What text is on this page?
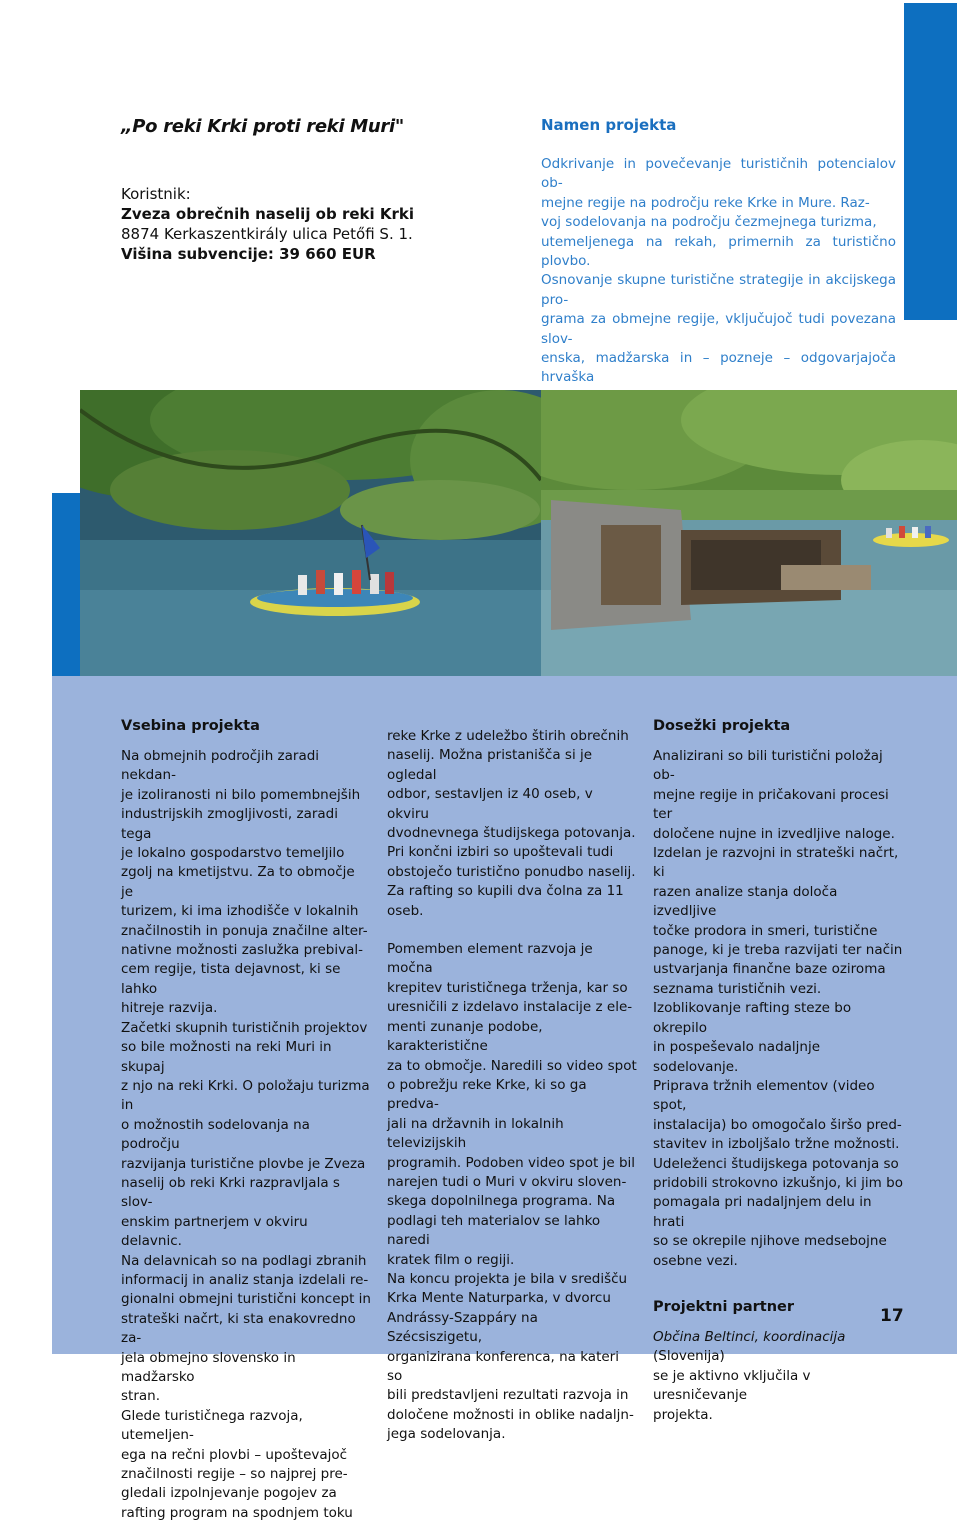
„Po reki Krki proti reki Muri"
Koristnik:
Zveza obrečnih naselij ob reki Krki
8874 Kerkaszentkirály ulica Petőfi S. 1.
Višina subvencije: 39 660 EUR
Namen projekta
Odkrivanje in povečevanje turističnih potencialov ob-
mejne regije na področju reke Krke in Mure. Raz-
voj sodelovanja na področju čezmejnega turizma,
utemeljenega na rekah, primernih za turistično plovbo.
Osnovanje skupne turistične strategije in akcijskega pro-
grama za obmejne regije, vključujoč tudi povezana slov-
enska, madžarska in – pozneje – odgovarjajoča hrvaška
Vsebina projekta
Na obmejnih področjih zaradi nekdan-
je izoliranosti ni bilo pomembnejših
industrijskih zmogljivosti, zaradi tega
je lokalno gospodarstvo temeljilo
zgolj na kmetijstvu. Za to območje je
turizem, ki ima izhodišče v lokalnih
značilnostih in ponuja značilne alter-
nativne možnosti zaslužka prebival-
cem regije, tista dejavnost, ki se lahko
hitreje razvija.
Začetki skupnih turističnih projektov
so bile možnosti na reki Muri in skupaj
z njo na reki Krki. O položaju turizma in
o možnostih sodelovanja na področju
razvijanja turistične plovbe je Zveza
naselij ob reki Krki razpravljala s slov-
enskim partnerjem v okviru delavnic.
Na delavnicah so na podlagi zbranih
informacij in analiz stanja izdelali re-
gionalni obmejni turistični koncept in
strateški načrt, ki sta enakovredno za-
jela obmejno slovensko in madžarsko
stran.
Glede turističnega razvoja, utemeljen-
ega na rečni plovbi – upoštevajoč
značilnosti regije – so najprej pre-
gledali izpolnjevanje pogojev za
rafting program na spodnjem toku
reke Krke z udeležbo štirih obrečnih
naselij. Možna pristanišča si je ogledal
odbor, sestavljen iz 40 oseb, v okviru
dvodnevnega študijskega potovanja.
Pri končni izbiri so upoštevali tudi
obstoječo turistično ponudbo naselij.
Za rafting so kupili dva čolna za 11
oseb.
Pomemben element razvoja je močna
krepitev turističnega trženja, kar so
uresničili z izdelavo instalacije z ele-
menti zunanje podobe, karakteristične
za to območje. Naredili so video spot
o pobrežju reke Krke, ki so ga predva-
jali na državnih in lokalnih televizijskih
programih. Podoben video spot je bil
narejen tudi o Muri v okviru sloven-
skega dopolnilnega programa. Na
podlagi teh materialov se lahko naredi
kratek film o regiji.
Na koncu projekta je bila v središču
Krka Mente Naturparka, v dvorcu
Andrássy-Szappáry na Szécsiszigetu,
organizirana konferenca, na kateri so
bili predstavljeni rezultati razvoja in
določene možnosti in oblike nadaljn-
jega sodelovanja.
Dosežki projekta
Analizirani so bili turistični položaj ob-
mejne regije in pričakovani procesi ter
določene nujne in izvedljive naloge.
Izdelan je razvojni in strateški načrt, ki
razen analize stanja določa izvedljive
točke prodora in smeri, turistične
panoge, ki je treba razvijati ter način
ustvarjanja finančne baze oziroma
seznama turističnih vezi.
Izoblikovanje rafting steze bo okrepilo
in pospeševalo nadaljnje sodelovanje.
Priprava tržnih elementov (video spot,
instalacija) bo omogočalo širšo pred-
stavitev in izboljšalo tržne možnosti.
Udeleženci študijskega potovanja so
pridobili strokovno izkušnjo, ki jim bo
pomagala pri nadaljnjem delu in hrati
so se okrepile njihove medsebojne
osebne vezi.
Projektni partner
Občina Beltinci, koordinacija (Slovenija)
se je aktivno vključila v uresničevanje
projekta.
17
